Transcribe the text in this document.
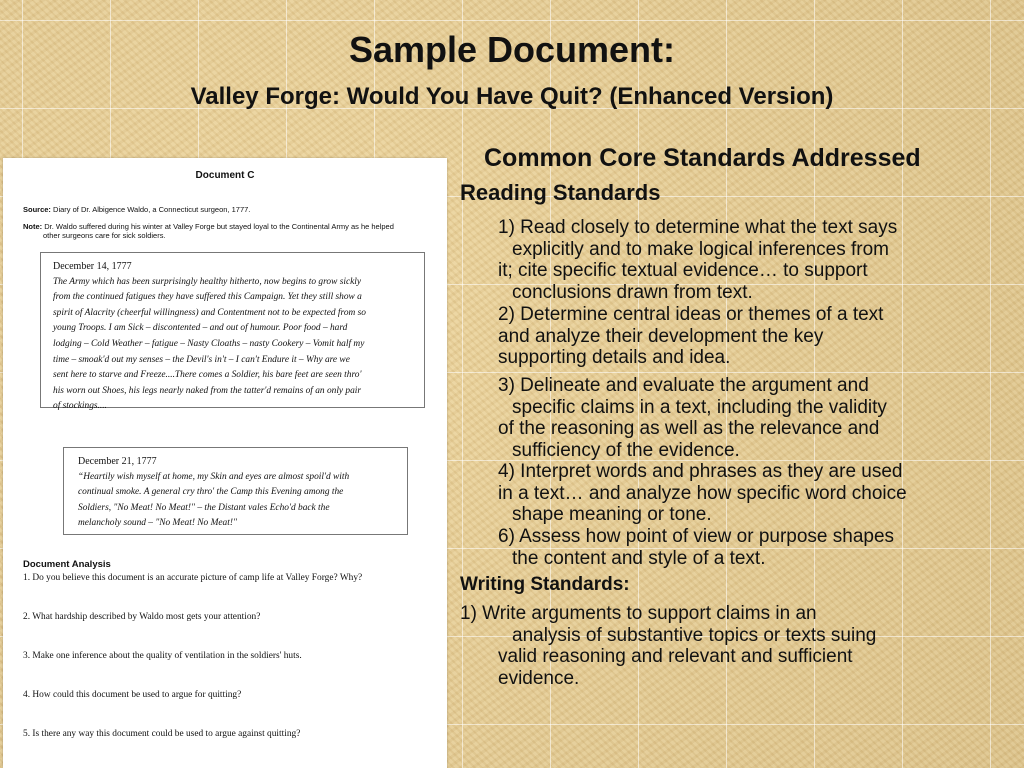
Sample Document:
Valley Forge: Would You Have Quit? (Enhanced Version)
Document C
Source: Diary of Dr. Albigence Waldo, a Connecticut surgeon, 1777.
Note: Dr. Waldo suffered during his winter at Valley Forge but stayed loyal to the Continental Army as he helped
other surgeons care for sick soldiers.
December 14, 1777
The Army which has been surprisingly healthy hitherto, now begins to grow sickly
from the continued fatigues they have suffered this Campaign. Yet they still show a
spirit of Alacrity (cheerful willingness) and Contentment not to be expected from so
young Troops. I am Sick – discontented – and out of humour. Poor food – hard
lodging – Cold Weather – fatigue – Nasty Cloaths – nasty Cookery – Vomit half my
time – smoak'd out my senses – the Devil's in't – I can't Endure it – Why are we
sent here to starve and Freeze....There comes a Soldier, his bare feet are seen thro'
his worn out Shoes, his legs nearly naked from the tatter'd remains of an only pair
of stockings....
December 21, 1777
“Heartily wish myself at home, my Skin and eyes are almost spoil'd with
continual smoke. A general cry thro' the Camp this Evening among the
Soldiers, "No Meat! No Meat!" – the Distant vales Echo'd back the
melancholy sound – "No Meat! No Meat!"
Document Analysis
1. Do you believe this document is an accurate picture of camp life at Valley Forge? Why?
2. What hardship described by Waldo most gets your attention?
3. Make one inference about the quality of ventilation in the soldiers' huts.
4. How could this document be used to argue for quitting?
5. Is there any way this document could be used to argue against quitting?
Common Core Standards Addressed
Reading Standards
1) Read closely to determine what the text says
explicitly and to make logical inferences from
it; cite specific textual evidence… to support
conclusions drawn from text.
2) Determine central ideas or themes of a text
and analyze their development the key
supporting details and idea.
3) Delineate and evaluate the argument and
specific claims in a text, including the validity
of the reasoning as well as the relevance and
sufficiency of the evidence.
4) Interpret words and phrases as they are used
in a text… and analyze how specific word choice
shape meaning or tone.
6) Assess how point of view or purpose shapes
the content and style of a text.
Writing Standards:
1) Write arguments to support claims in an
analysis of substantive topics or texts suing
valid reasoning and relevant and sufficient
evidence.
